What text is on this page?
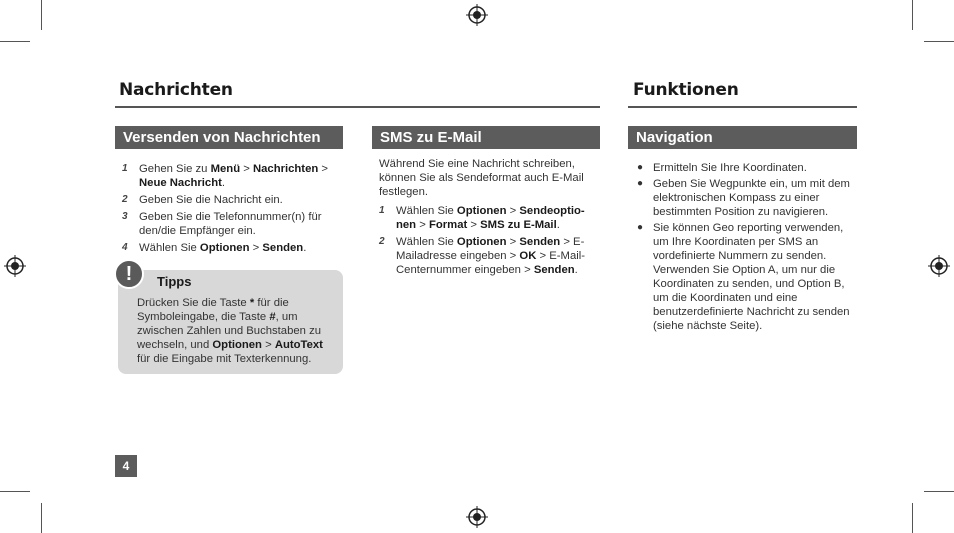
Nachrichten	Funktionen
Versenden von Nachrichten
1 Gehen Sie zu Menü > Nachrichten >
Neue Nachricht.
2 Geben Sie die Nachricht ein.
3 Geben Sie die Telefonnummer(n) für den/die Empfänger ein.
4 Wählen Sie Optionen > Senden.
!	Tipps
Drücken Sie die Taste * für die Symboleingabe, die Taste #, um zwischen Zahlen und Buchstaben zu wechseln, und Optionen > AutoText für die Eingabe mit Texterkennung.
SMS zu E-Mail
Während Sie eine Nachricht schreiben, können Sie als Sendeformat auch E-Mail festlegen.
1 Wählen Sie Optionen > Sendeoptio-nen > Format > SMS zu E-Mail.
2 Wählen Sie Optionen > Senden > E-Mailadresse eingeben > OK > E-Mail-Centernummer eingeben > Senden.
Navigation
● Ermitteln Sie Ihre Koordinaten.
● Geben Sie Wegpunkte ein, um mit dem elektronischen Kompass zu einer bestimmten Position zu navigieren.
● Sie können Geo reporting verwenden, um Ihre Koordinaten per SMS an vordefinierte Nummern zu senden. Verwenden Sie Option A, um nur die Koordinaten zu senden, und Option B, um die Koordinaten und eine benutzerdefinierte Nachricht zu senden (siehe nächste Seite).
4
